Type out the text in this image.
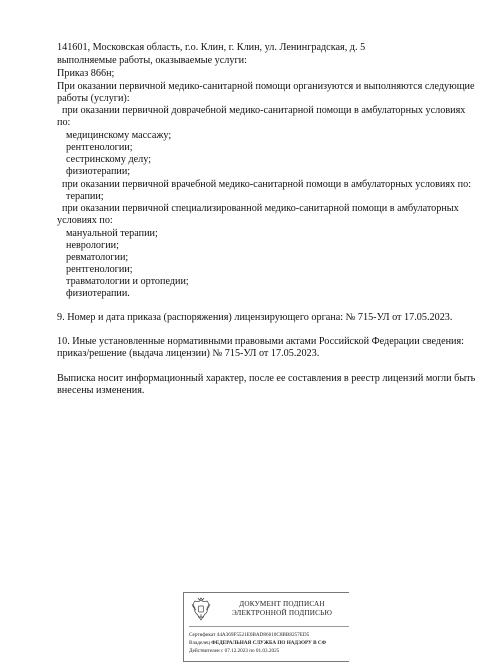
141601, Московская область, г.о. Клин, г. Клин, ул. Ленинградская, д. 5
выполняемые работы, оказываемые услуги:
Приказ 866н;
При оказании первичной медико-санитарной помощи организуются и выполняются следующие
работы (услуги):
при оказании первичной доврачебной медико-санитарной помощи в амбулаторных условиях
по:
медицинскому массажу;
рентгенологии;
сестринскому делу;
физиотерапии;
при оказании первичной врачебной медико-санитарной помощи в амбулаторных условиях по:
терапии;
при оказании первичной специализированной медико-санитарной помощи в амбулаторных
условиях по:
мануальной терапии;
неврологии;
ревматологии;
рентгенологии;
травматологии и ортопедии;
физиотерапии.
9. Номер и дата приказа (распоряжения) лицензирующего органа: № 715-УЛ от 17.05.2023.
10. Иные установленные нормативными правовыми актами Российской Федерации сведения:
приказ/решение (выдача лицензии) № 715-УЛ от 17.05.2023.
Выписка носит информационный характер, после ее составления в реестр лицензий могли быть
внесены изменения.
ДОКУМЕНТ ПОДПИСАН
ЭЛЕКТРОННОЙ ПОДПИСЬЮ
Сертификат 44A369F5521E0BAD86610C8BB8257ED5
Владелец ФЕДЕРАЛЬНАЯ СЛУЖБА ПО НАДЗОРУ В СФ
Действителен с 07.12.2023 по 01.03.2025
